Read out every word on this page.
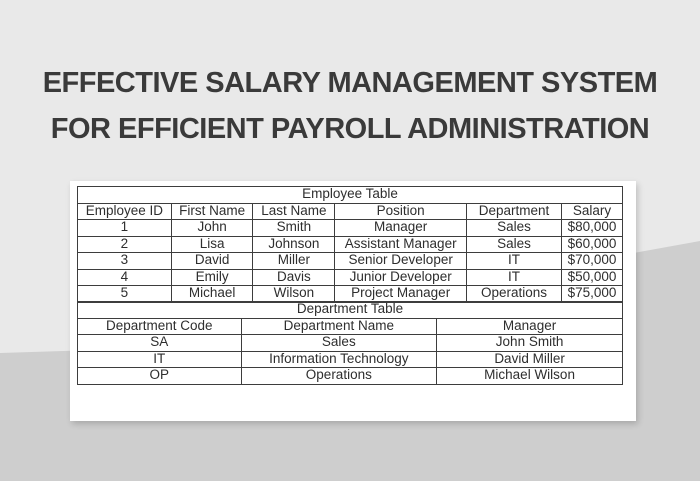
EFFECTIVE SALARY MANAGEMENT SYSTEM
FOR EFFICIENT PAYROLL ADMINISTRATION
Employee Table					
Employee ID	First Name	Last Name	Position	Department	Salary
1	John	Smith	Manager	Sales	$80,000
2	Lisa	Johnson	Assistant Manager	Sales	$60,000
3	David	Miller	Senior Developer	IT	$70,000
4	Emily	Davis	Junior Developer	IT	$50,000
5	Michael	Wilson	Project Manager	Operations	$75,000
Department Table		
Department Code	Department Name	Manager
SA	Sales	John Smith
IT	Information Technology	David Miller
OP	Operations	Michael Wilson
